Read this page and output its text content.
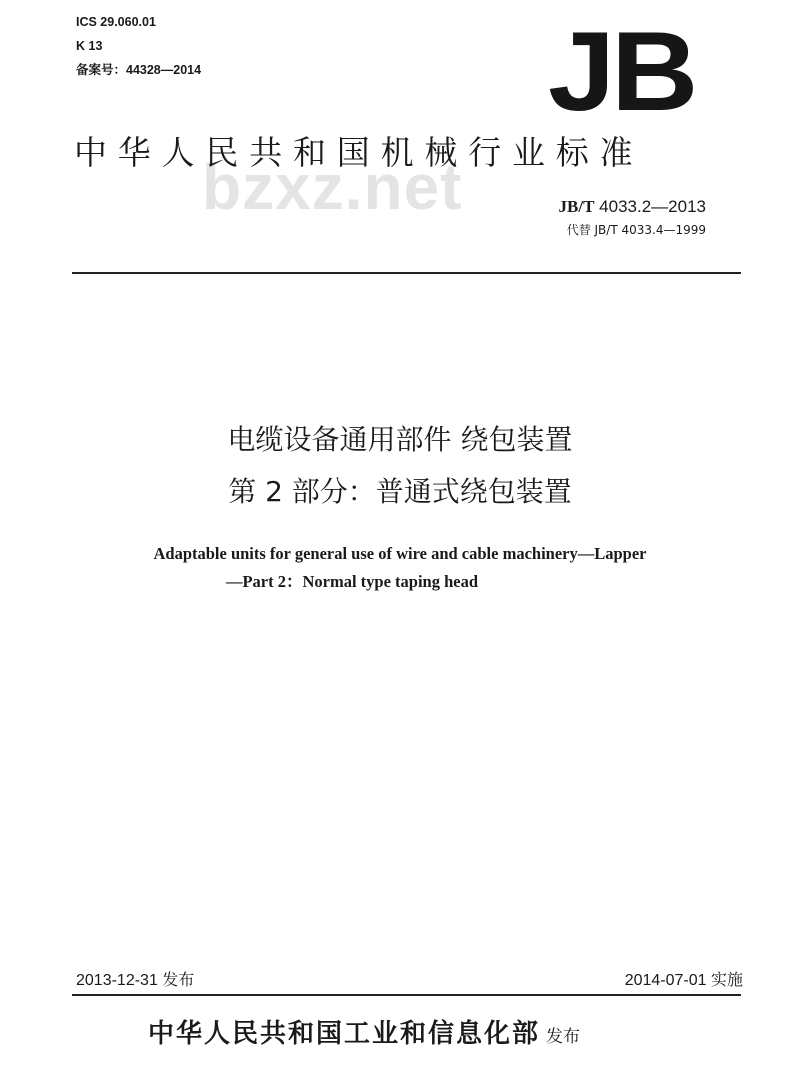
ICS 29.060.01
K 13
备案号：44328—2014	JB
bzxz.net
中华人民共和国机械行业标准
JB/T 4033.2—2013
代替 JB/T 4033.4—1999
电缆设备通用部件 绕包装置
第 2 部分：普通式绕包装置
Adaptable units for general use of wire and cable machinery—Lapper
—Part 2：Normal type taping head
2013-12-31 发布	2014-07-01 实施
中华人民共和国工业和信息化部 发布
